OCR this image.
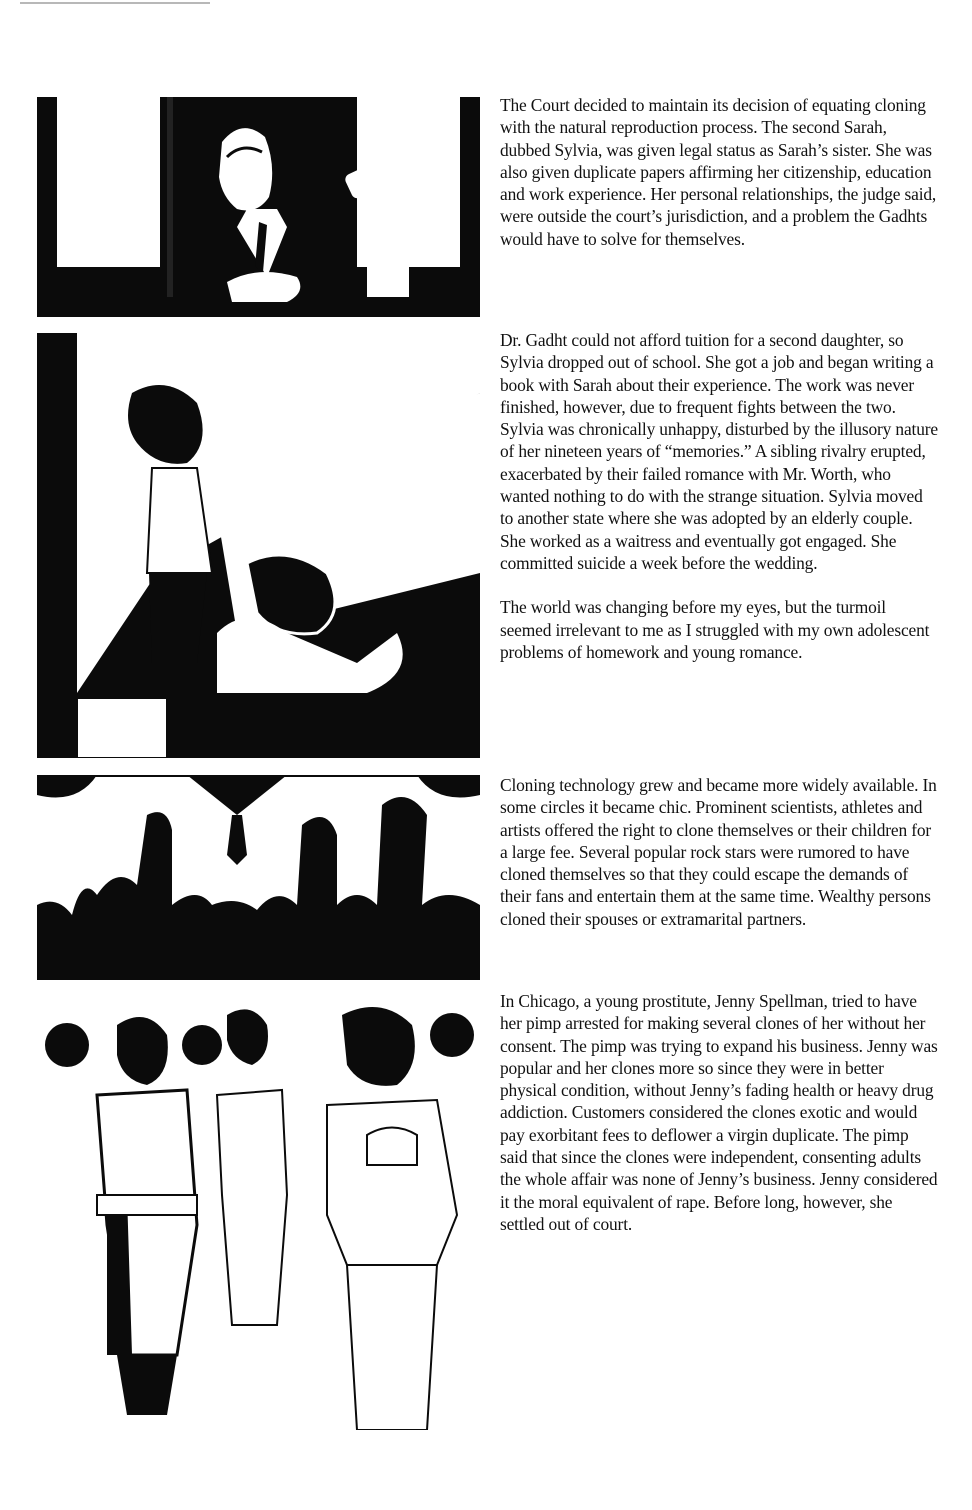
The Court decided to maintain its decision of equating cloning with the natural reproduction process. The second Sarah, dubbed Sylvia, was given legal status as Sarah’s sister. She was also given duplicate papers affirming her citizenship, education and work experience. Her personal relationships, the judge said, were outside the court’s jurisdiction, and a problem the Gadhts would have to solve for themselves.

Dr. Gadht could not afford tuition for a second daughter, so Sylvia dropped out of school. She got a job and began writing a book with Sarah about their experience. The work was never finished, however, due to frequent fights between the two. Sylvia was chronically unhappy, disturbed by the illusory nature of her nineteen years of “memories.” A sibling rivalry erupted, exacerbated by their failed romance with Mr. Worth, who wanted nothing to do with the strange situation. Sylvia moved to another state where she was adopted by an elderly couple. She worked as a waitress and eventually got engaged. She committed suicide a week before the wedding.

The world was changing before my eyes, but the turmoil seemed irrelevant to me as I struggled with my own adolescent problems of homework and young romance.

Cloning technology grew and became more widely available. In some circles it became chic. Prominent scientists, athletes and artists offered the right to clone themselves or their children for a large fee. Several popular rock stars were rumored to have cloned themselves so that they could escape the demands of their fans and entertain them at the same time. Wealthy persons cloned their spouses or extramarital partners.

In Chicago, a young prostitute, Jenny Spellman, tried to have her pimp arrested for making several clones of her without her consent. The pimp was trying to expand his business. Jenny was popular and her clones more so since they were in better physical condition, without Jenny’s fading health or heavy drug addiction. Customers considered the clones exotic and would pay exorbitant fees to deflower a virgin duplicate. The pimp said that since the clones were independent, consenting adults the whole affair was none of Jenny’s business. Jenny considered it the moral equivalent of rape. Before long, however, she settled out of court.
